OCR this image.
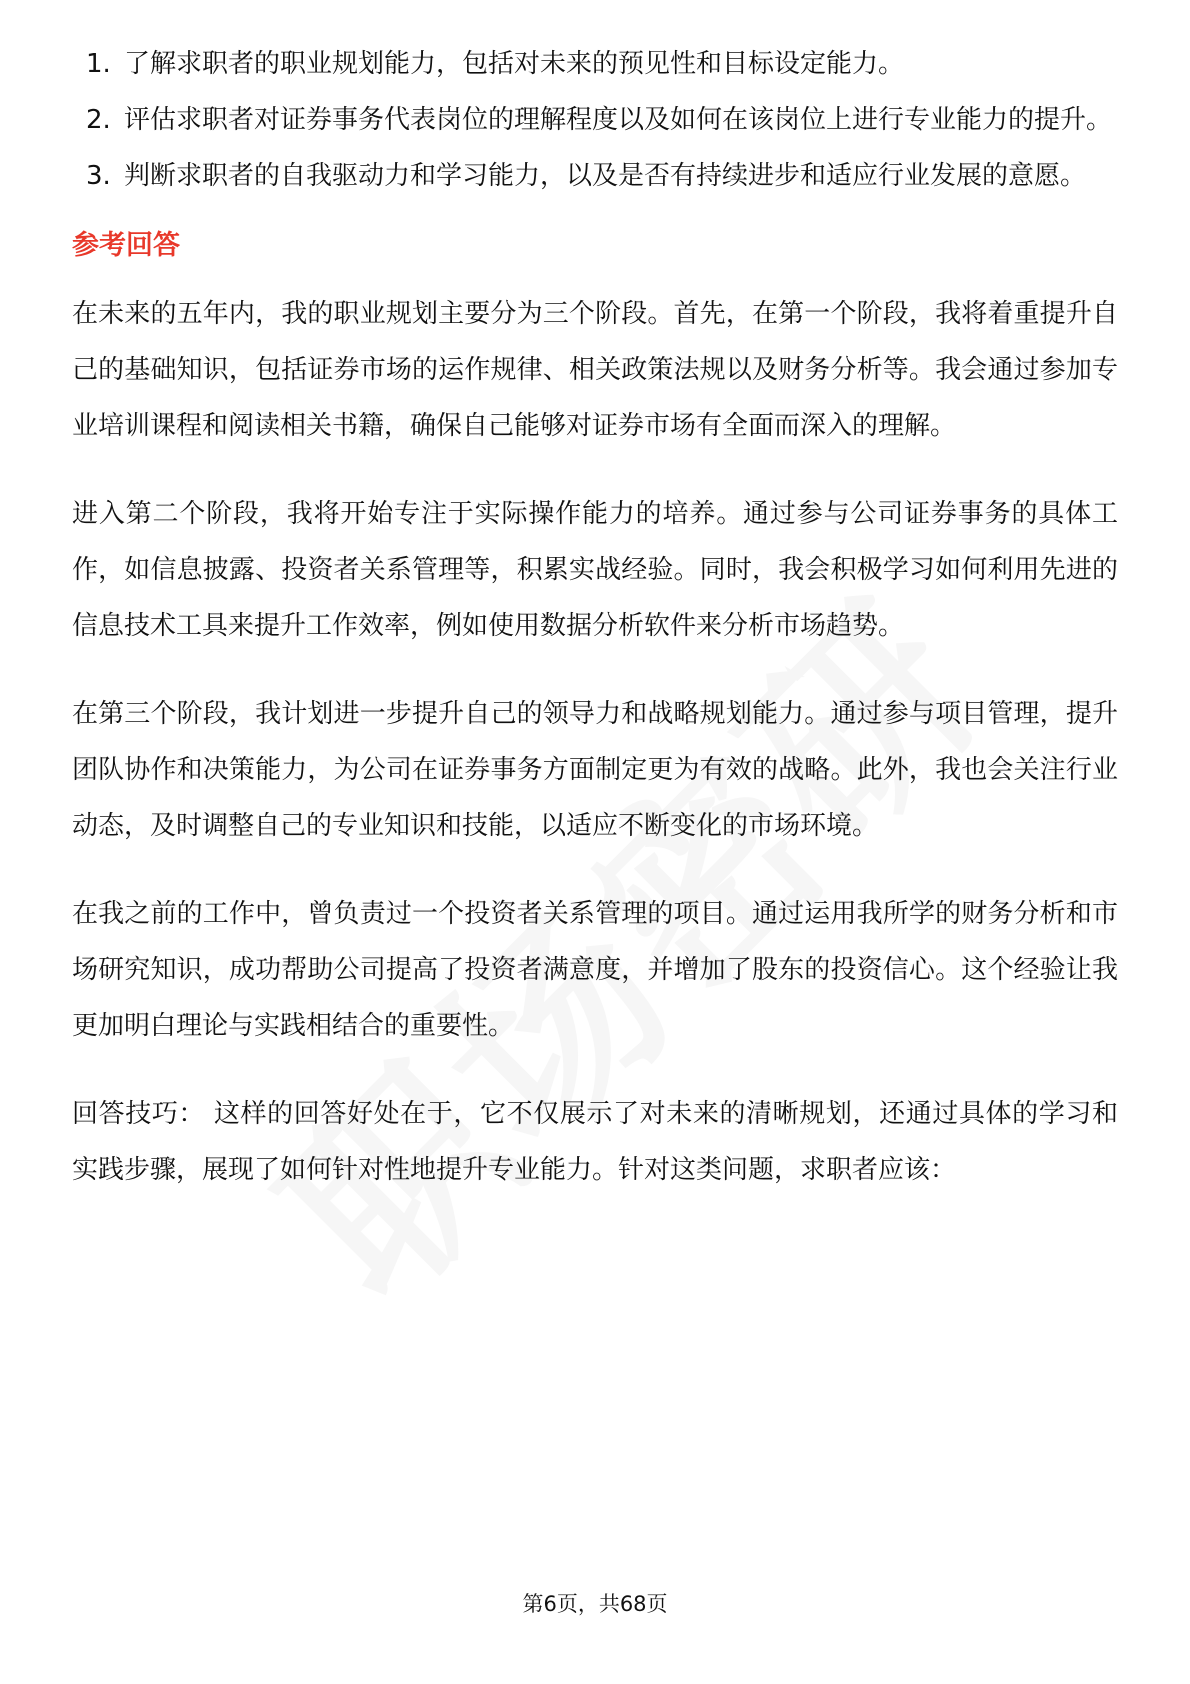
1. 了解求职者的职业规划能力，包括对未来的预见性和目标设定能力。
2. 评估求职者对证券事务代表岗位的理解程度以及如何在该岗位上进行专业能力的提升。
3. 判断求职者的自我驱动力和学习能力，以及是否有持续进步和适应行业发展的意愿。
参考回答

在未来的五年内，我的职业规划主要分为三个阶段。首先，在第一个阶段，我将着重提升自己的基础知识，包括证券市场的运作规律、相关政策法规以及财务分析等。我会通过参加专业培训课程和阅读相关书籍，确保自己能够对证券市场有全面而深入的理解。

进入第二个阶段，我将开始专注于实际操作能力的培养。通过参与公司证券事务的具体工作，如信息披露、投资者关系管理等，积累实战经验。同时，我会积极学习如何利用先进的信息技术工具来提升工作效率，例如使用数据分析软件来分析市场趋势。

在第三个阶段，我计划进一步提升自己的领导力和战略规划能力。通过参与项目管理，提升团队协作和决策能力，为公司在证券事务方面制定更为有效的战略。此外，我也会关注行业动态，及时调整自己的专业知识和技能，以适应不断变化的市场环境。

在我之前的工作中，曾负责过一个投资者关系管理的项目。通过运用我所学的财务分析和市场研究知识，成功帮助公司提高了投资者满意度，并增加了股东的投资信心。这个经验让我更加明白理论与实践相结合的重要性。

回答技巧： 这样的回答好处在于，它不仅展示了对未来的清晰规划，还通过具体的学习和实践步骤，展现了如何针对性地提升专业能力。针对这类问题，求职者应该：

第6页，共68页
